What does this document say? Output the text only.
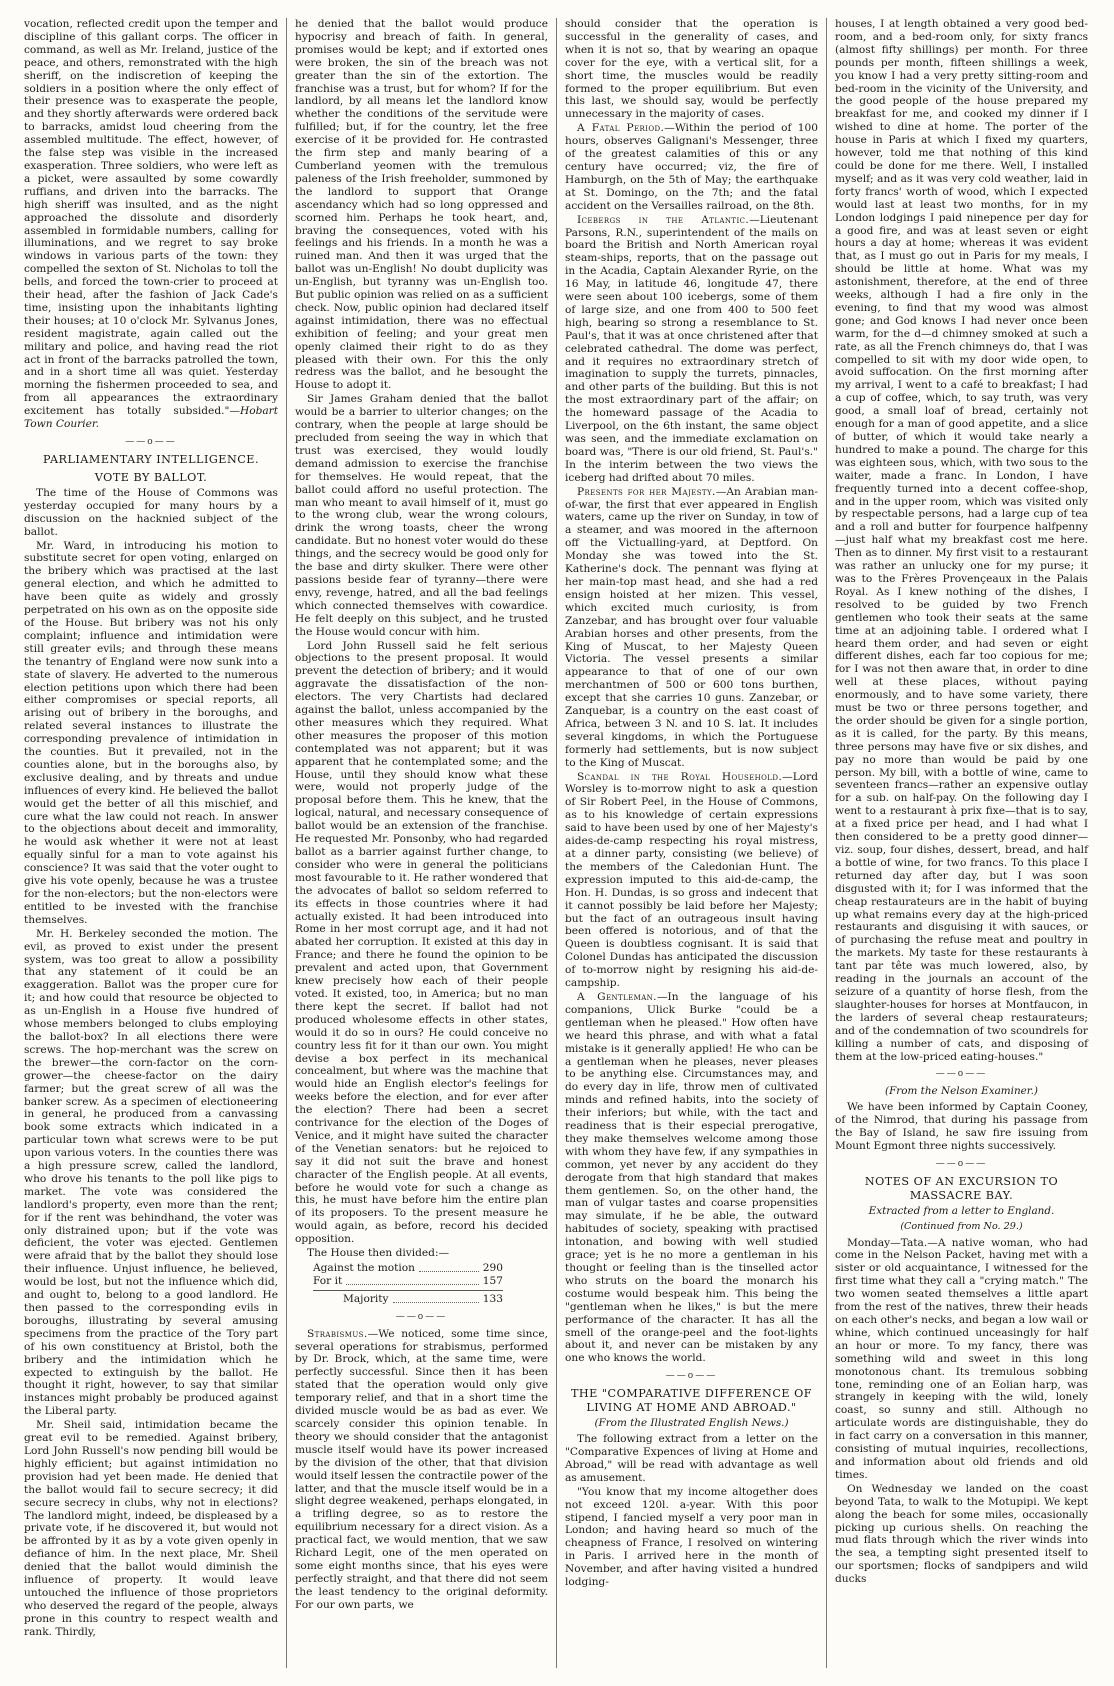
vocation, reflected credit upon the temper and discipline of this gallant corps. The officer in command, as well as Mr. Ireland, justice of the peace, and others, remonstrated with the high sheriff, on the indiscretion of keeping the soldiers in a position where the only effect of their presence was to exasperate the people, and they shortly afterwards were ordered back to barracks, amidst loud cheering from the assembled multitude. The effect, however, of the false step was visible in the increased exasperation. Three soldiers, who were left as a picket, were assaulted by some cowardly ruffians, and driven into the barracks. The high sheriff was insulted, and as the night approached the dissolute and disorderly assembled in formidable numbers, calling for illuminations, and we regret to say broke windows in various parts of the town: they compelled the sexton of St. Nicholas to toll the bells, and forced the town-crier to proceed at their head, after the fashion of Jack Cade's time, insisting upon the inhabitants lighting their houses; at 10 o'clock Mr. Sylvanus Jones, resident magistrate, again called out the military and police, and having read the riot act in front of the barracks patrolled the town, and in a short time all was quiet. Yesterday morning the fishermen proceeded to sea, and from all appearances the extraordinary excitement has totally subsided."—Hobart Town Courier.

——o——
PARLIAMENTARY INTELLIGENCE.
VOTE BY BALLOT.

The time of the House of Commons was yesterday occupied for many hours by a discussion on the hacknied subject of the ballot.

Mr. Ward, in introducing his motion to substitute secret for open voting, enlarged on the bribery which was practised at the last general election, and which he admitted to have been quite as widely and grossly perpetrated on his own as on the opposite side of the House. But bribery was not his only complaint; influence and intimidation were still greater evils; and through these means the tenantry of England were now sunk into a state of slavery. He adverted to the numerous election petitions upon which there had been either compromises or special reports, all arising out of bribery in the boroughs, and related several instances to illustrate the corresponding prevalence of intimidation in the counties. But it prevailed, not in the counties alone, but in the boroughs also, by exclusive dealing, and by threats and undue influences of every kind. He believed the ballot would get the better of all this mischief, and cure what the law could not reach. In answer to the objections about deceit and immorality, he would ask whether it were not at least equally sinful for a man to vote against his conscience? It was said that the voter ought to give his vote openly, because he was a trustee for the non-electors; but the non-electors were entitled to be invested with the franchise themselves.

Mr. H. Berkeley seconded the motion. The evil, as proved to exist under the present system, was too great to allow a possibility that any statement of it could be an exaggeration. Ballot was the proper cure for it; and how could that resource be objected to as un-English in a House five hundred of whose members belonged to clubs employing the ballot-box? In all elections there were screws. The hop-merchant was the screw on the brewer—the corn-factor on the corn-grower—the cheese-factor on the dairy farmer; but the great screw of all was the banker screw. As a specimen of electioneering in general, he produced from a canvassing book some extracts which indicated in a particular town what screws were to be put upon various voters. In the counties there was a high pressure screw, called the landlord, who drove his tenants to the poll like pigs to market. The vote was considered the landlord's property, even more than the rent; for if the rent was behindhand, the voter was only distrained upon; but if the vote was deficient, the voter was ejected. Gentlemen were afraid that by the ballot they should lose their influence. Unjust influence, he believed, would be lost, but not the influence which did, and ought to, belong to a good landlord. He then passed to the corresponding evils in boroughs, illustrating by several amusing specimens from the practice of the Tory part of his own constituency at Bristol, both the bribery and the intimidation which he expected to extinguish by the ballot. He thought it right, however, to say that similar instances might probably be produced against the Liberal party.

Mr. Sheil said, intimidation became the great evil to be remedied. Against bribery, Lord John Russell's now pending bill would be highly efficient; but against intimidation no provision had yet been made. He denied that the ballot would fail to secure secrecy; it did secure secrecy in clubs, why not in elections? The landlord might, indeed, be displeased by a private vote, if he discovered it, but would not be affronted by it as by a vote given openly in defiance of him. In the next place, Mr. Sheil denied that the ballot would diminish the influence of property. It would leave untouched the influence of those proprietors who deserved the regard of the people, always prone in this country to respect wealth and rank. Thirdly,

he denied that the ballot would produce hypocrisy and breach of faith. In general, promises would be kept; and if extorted ones were broken, the sin of the breach was not greater than the sin of the extortion. The franchise was a trust, but for whom? If for the landlord, by all means let the landlord know whether the conditions of the servitude were fulfilled; but, if for the country, let the free exercise of it be provided for. He contrasted the firm step and manly bearing of a Cumberland yeomen with the tremulous paleness of the Irish freeholder, summoned by the landlord to support that Orange ascendancy which had so long oppressed and scorned him. Perhaps he took heart, and, braving the consequences, voted with his feelings and his friends. In a month he was a ruined man. And then it was urged that the ballot was un-English! No doubt duplicity was un-English, but tyranny was un-English too. But public opinion was relied on as a sufficient check. Now, public opinion had declared itself against intimidation, there was no effectual exhibition of feeling; and your great men openly claimed their right to do as they pleased with their own. For this the only redress was the ballot, and he besought the House to adopt it.

Sir James Graham denied that the ballot would be a barrier to ulterior changes; on the contrary, when the people at large should be precluded from seeing the way in which that trust was exercised, they would loudly demand admission to exercise the franchise for themselves. He would repeat, that the ballot could afford no useful protection. The man who meant to avail himself of it, must go to the wrong club, wear the wrong colours, drink the wrong toasts, cheer the wrong candidate. But no honest voter would do these things, and the secrecy would be good only for the base and dirty skulker. There were other passions beside fear of tyranny—there were envy, revenge, hatred, and all the bad feelings which connected themselves with cowardice. He felt deeply on this subject, and he trusted the House would concur with him.

Lord John Russell said he felt serious objections to the present proposal. It would prevent the detection of bribery; and it would aggravate the dissatisfaction of the non-electors. The very Chartists had declared against the ballot, unless accompanied by the other measures which they required. What other measures the proposer of this motion contemplated was not apparent; but it was apparent that he contemplated some; and the House, until they should know what these were, would not properly judge of the proposal before them. This he knew, that the logical, natural, and necessary consequence of ballot would be an extension of the franchise. He requested Mr. Ponsonby, who had regarded ballot as a barrier against further change, to consider who were in general the politicians most favourable to it. He rather wondered that the advocates of ballot so seldom referred to its effects in those countries where it had actually existed. It had been introduced into Rome in her most corrupt age, and it had not abated her corruption. It existed at this day in France; and there he found the opinion to be prevalent and acted upon, that Government knew precisely how each of their people voted. It existed, too, in America; but no man there kept the secret. If ballot had not produced wholesome effects in other states, would it do so in ours? He could conceive no country less fit for it than our own. You might devise a box perfect in its mechanical concealment, but where was the machine that would hide an English elector's feelings for weeks before the election, and for ever after the election? There had been a secret contrivance for the election of the Doges of Venice, and it might have suited the character of the Venetian senators: but he rejoiced to say it did not suit the brave and honest character of the English people. At all events, before he would vote for such a change as this, he must have before him the entire plan of its proposers. To the present measure he would again, as before, record his decided opposition.

The House then divided:—

Against the motion	290
For it	157
Majority	133
——o——

Strabismus.—We noticed, some time since, several operations for strabismus, performed by Dr. Brock, which, at the same time, were perfectly successful. Since then it has been stated that the operation would only give temporary relief, and that in a short time the divided muscle would be as bad as ever. We scarcely consider this opinion tenable. In theory we should consider that the antagonist muscle itself would have its power increased by the division of the other, that that division would itself lessen the contractile power of the latter, and that the muscle itself would be in a slight degree weakened, perhaps elongated, in a trifling degree, so as to restore the equilibrium necessary for a direct vision. As a practical fact, we would mention, that we saw Richard Legit, one of the men operated on some eight months since, that his eyes were perfectly straight, and that there did not seem the least tendency to the original deformity. For our own parts, we

should consider that the operation is successful in the generality of cases, and when it is not so, that by wearing an opaque cover for the eye, with a vertical slit, for a short time, the muscles would be readily formed to the proper equilibrium. But even this last, we should say, would be perfectly unnecessary in the majority of cases.

A Fatal Period.—Within the period of 100 hours, observes Galignani's Messenger, three of the greatest calamities of this or any century have occurred; viz, the fire of Hamburgh, on the 5th of May; the earthquake at St. Domingo, on the 7th; and the fatal accident on the Versailles railroad, on the 8th.

Icebergs in the Atlantic.—Lieutenant Parsons, R.N., superintendent of the mails on board the British and North American royal steam-ships, reports, that on the passage out in the Acadia, Captain Alexander Ryrie, on the 16 May, in latitude 46, longitude 47, there were seen about 100 icebergs, some of them of large size, and one from 400 to 500 feet high, bearing so strong a resemblance to St. Paul's, that it was at once christened after that celebrated cathedral. The dome was perfect, and it requires no extraordinary stretch of imagination to supply the turrets, pinnacles, and other parts of the building. But this is not the most extraordinary part of the affair; on the homeward passage of the Acadia to Liverpool, on the 6th instant, the same object was seen, and the immediate exclamation on board was, "There is our old friend, St. Paul's." In the interim between the two views the iceberg had drifted about 70 miles.

Presents for her Majesty.—An Arabian man-of-war, the first that ever appeared in English waters, came up the river on Sunday, in tow of a steamer, and was moored in the afternoon off the Victualling-yard, at Deptford. On Monday she was towed into the St. Katherine's dock. The pennant was flying at her main-top mast head, and she had a red ensign hoisted at her mizen. This vessel, which excited much curiosity, is from Zanzebar, and has brought over four valuable Arabian horses and other presents, from the King of Muscat, to her Majesty Queen Victoria. The vessel presents a similar appearance to that of one of our own merchantmen of 500 or 600 tons burthen, except that she carries 10 guns. Zanzebar, or Zanquebar, is a country on the east coast of Africa, between 3 N. and 10 S. lat. It includes several kingdoms, in which the Portuguese formerly had settlements, but is now subject to the King of Muscat.

Scandal in the Royal Household.—Lord Worsley is to-morrow night to ask a question of Sir Robert Peel, in the House of Commons, as to his knowledge of certain expressions said to have been used by one of her Majesty's aides-de-camp respecting his royal mistress, at a dinner party, consisting (we believe) of the members of the Caledonian Hunt. The expression imputed to this aid-de-camp, the Hon. H. Dundas, is so gross and indecent that it cannot possibly be laid before her Majesty; but the fact of an outrageous insult having been offered is notorious, and of that the Queen is doubtless cognisant. It is said that Colonel Dundas has anticipated the discussion of to-morrow night by resigning his aid-de-campship.

A Gentleman.—In the language of his companions, Ulick Burke "could be a gentleman when he pleased." How often have we heard this phrase, and with what a fatal mistake is it generally applied! He who can be a gentleman when he pleases, never pleases to be anything else. Circumstances may, and do every day in life, throw men of cultivated minds and refined habits, into the society of their inferiors; but while, with the tact and readiness that is their especial prerogative, they make themselves welcome among those with whom they have few, if any sympathies in common, yet never by any accident do they derogate from that high standard that makes them gentlemen. So, on the other hand, the man of vulgar tastes and coarse propensities may simulate, if he be able, the outward habitudes of society, speaking with practised intonation, and bowing with well studied grace; yet is he no more a gentleman in his thought or feeling than is the tinselled actor who struts on the board the monarch his costume would bespeak him. This being the "gentleman when he likes," is but the mere performance of the character. It has all the smell of the orange-peel and the foot-lights about it, and never can be mistaken by any one who knows the world.

——o——
THE "COMPARATIVE DIFFERENCE OF LIVING AT HOME AND ABROAD."
(From the Illustrated English News.)

The following extract from a letter on the "Comparative Expences of living at Home and Abroad," will be read with advantage as well as amusement.

"You know that my income altogether does not exceed 120l. a-year. With this poor stipend, I fancied myself a very poor man in London; and having heard so much of the cheapness of France, I resolved on wintering in Paris. I arrived here in the month of November, and after having visited a hundred lodging-

houses, I at length obtained a very good bed-room, and a bed-room only, for sixty francs (almost fifty shillings) per month. For three pounds per month, fifteen shillings a week, you know I had a very pretty sitting-room and bed-room in the vicinity of the University, and the good people of the house prepared my breakfast for me, and cooked my dinner if I wished to dine at home. The porter of the house in Paris at which I fixed my quarters, however, told me that nothing of this kind could be done for me there. Well, I installed myself; and as it was very cold weather, laid in forty francs' worth of wood, which I expected would last at least two months, for in my London lodgings I paid ninepence per day for a good fire, and was at least seven or eight hours a day at home; whereas it was evident that, as I must go out in Paris for my meals, I should be little at home. What was my astonishment, therefore, at the end of three weeks, although I had a fire only in the evening, to find that my wood was almost gone; and God knows I had never once been warm, for the d—d chimney smoked at such a rate, as all the French chimneys do, that I was compelled to sit with my door wide open, to avoid suffocation. On the first morning after my arrival, I went to a café to breakfast; I had a cup of coffee, which, to say truth, was very good, a small loaf of bread, certainly not enough for a man of good appetite, and a slice of butter, of which it would take nearly a hundred to make a pound. The charge for this was eighteen sous, which, with two sous to the waiter, made a franc. In London, I have frequently turned into a decent coffee-shop, and in the upper room, which was visited only by respectable persons, had a large cup of tea and a roll and butter for fourpence halfpenny—just half what my breakfast cost me here. Then as to dinner. My first visit to a restaurant was rather an unlucky one for my purse; it was to the Frères Provençeaux in the Palais Royal. As I knew nothing of the dishes, I resolved to be guided by two French gentlemen who took their seats at the same time at an adjoining table. I ordered what I heard them order, and had seven or eight different dishes, each far too copious for me; for I was not then aware that, in order to dine well at these places, without paying enormously, and to have some variety, there must be two or three persons together, and the order should be given for a single portion, as it is called, for the party. By this means, three persons may have five or six dishes, and pay no more than would be paid by one person. My bill, with a bottle of wine, came to seventeen francs—rather an expensive outlay for a sub. on half-pay. On the following day I went to a restaurant à prix fixe—that is to say, at a fixed price per head, and I had what I then considered to be a pretty good dinner—viz. soup, four dishes, dessert, bread, and half a bottle of wine, for two francs. To this place I returned day after day, but I was soon disgusted with it; for I was informed that the cheap restaurateurs are in the habit of buying up what remains every day at the high-priced restaurants and disguising it with sauces, or of purchasing the refuse meat and poultry in the markets. My taste for these restaurants à tant par tête was much lowered, also, by reading in the journals an account of the seizure of a quantity of horse flesh, from the slaughter-houses for horses at Montfaucon, in the larders of several cheap restaurateurs; and of the condemnation of two scoundrels for killing a number of cats, and disposing of them at the low-priced eating-houses."

——o——
(From the Nelson Examiner.)

We have been informed by Captain Cooney, of the Nimrod, that during his passage from the Bay of Island, he saw fire issuing from Mount Egmont three nights successively.

——o——
NOTES OF AN EXCURSION TO MASSACRE BAY.
Extracted from a letter to England.
(Continued from No. 29.)

Monday—Tata.—A native woman, who had come in the Nelson Packet, having met with a sister or old acquaintance, I witnessed for the first time what they call a "crying match." The two women seated themselves a little apart from the rest of the natives, threw their heads on each other's necks, and began a low wail or whine, which continued unceasingly for half an hour or more. To my fancy, there was something wild and sweet in this long monotonous chant. Its tremulous sobbing tone, reminding one of an Eolian harp, was strangely in keeping with the wild, lonely coast, so sunny and still. Although no articulate words are distinguishable, they do in fact carry on a conversation in this manner, consisting of mutual inquiries, recollections, and information about old friends and old times.

On Wednesday we landed on the coast beyond Tata, to walk to the Motupipi. We kept along the beach for some miles, occasionally picking up curious shells. On reaching the mud flats through which the river winds into the sea, a tempting sight presented itself to our sportsmen; flocks of sandpipers and wild ducks
